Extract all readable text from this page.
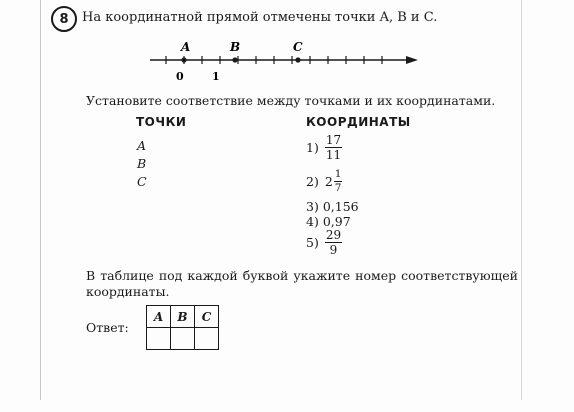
8 На координатной прямой отмечены точки A, B и C.
A	B	C
0	1
Установите соответствие между точками и их координатами.
ТОЧКИ	КООРДИНАТЫ
A
B
C
$1) \frac{17}{11}$
2) $2 \frac{1}{7}$
3) 0,156
4) 0,97
$5) \frac{29}{9}$
В таблице под каждой буквой укажите номер соответствующей координаты.
Ответ:
A	B	C
